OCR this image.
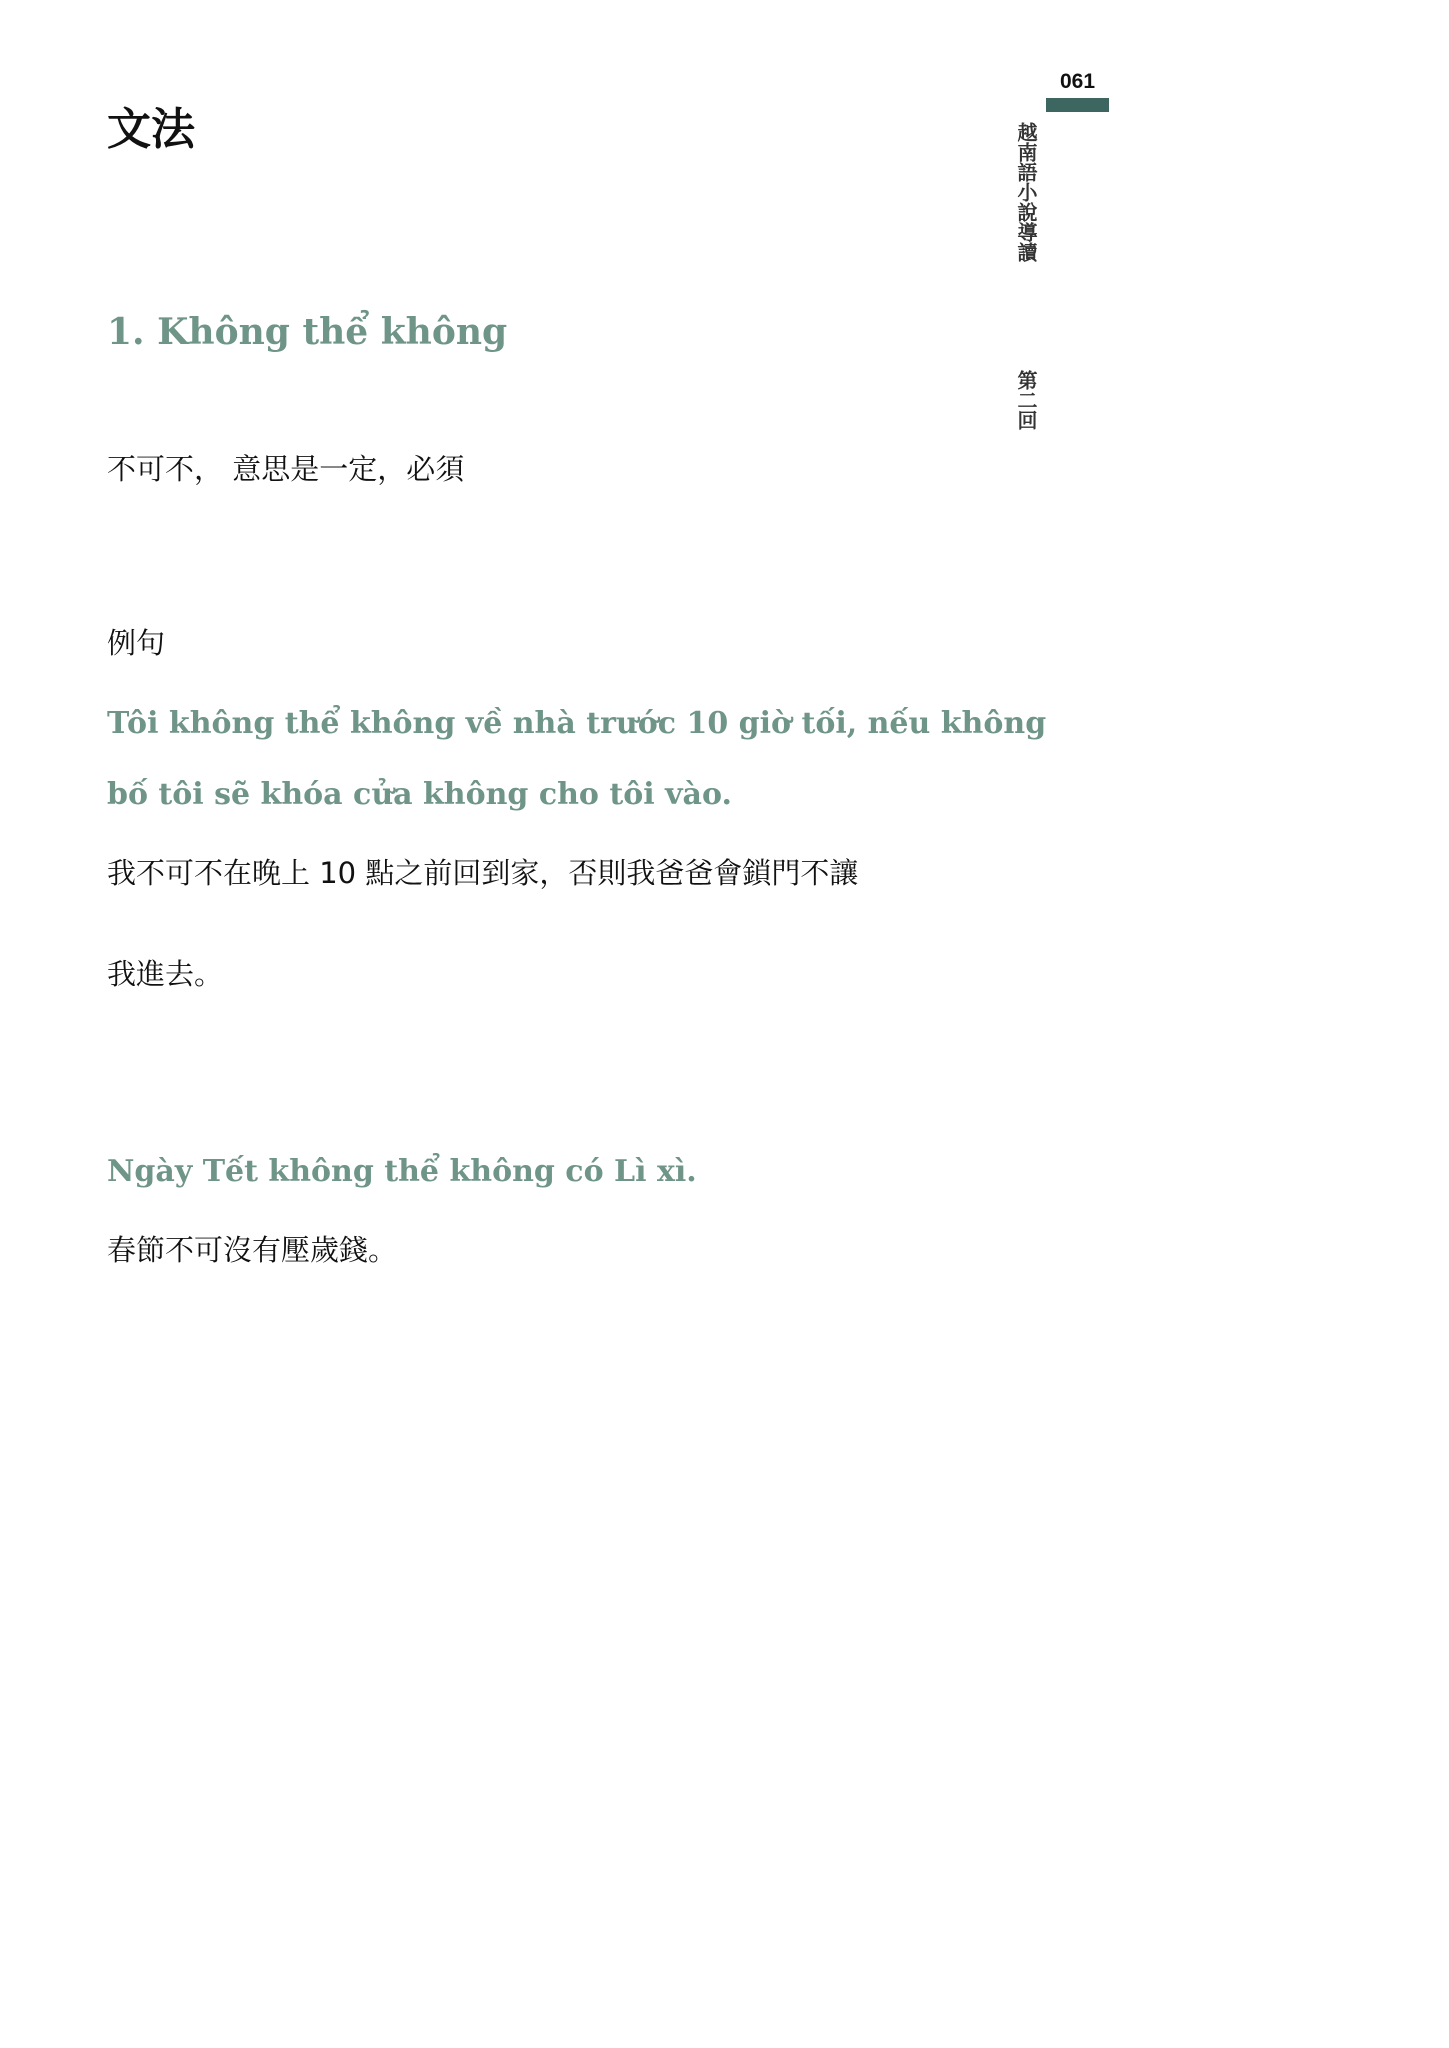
061
越南語小說導讀
第二回
文法
1. Không thể không
不可不， 意思是一定，必須
例句
Tôi không thể không về nhà trước 10 giờ tối, nếu không
bố tôi sẽ khóa cửa không cho tôi vào.
我不可不在晚上 10 點之前回到家，否則我爸爸會鎖門不讓
我進去。
Ngày Tết không thể không có Lì xì.
春節不可沒有壓歲錢。
